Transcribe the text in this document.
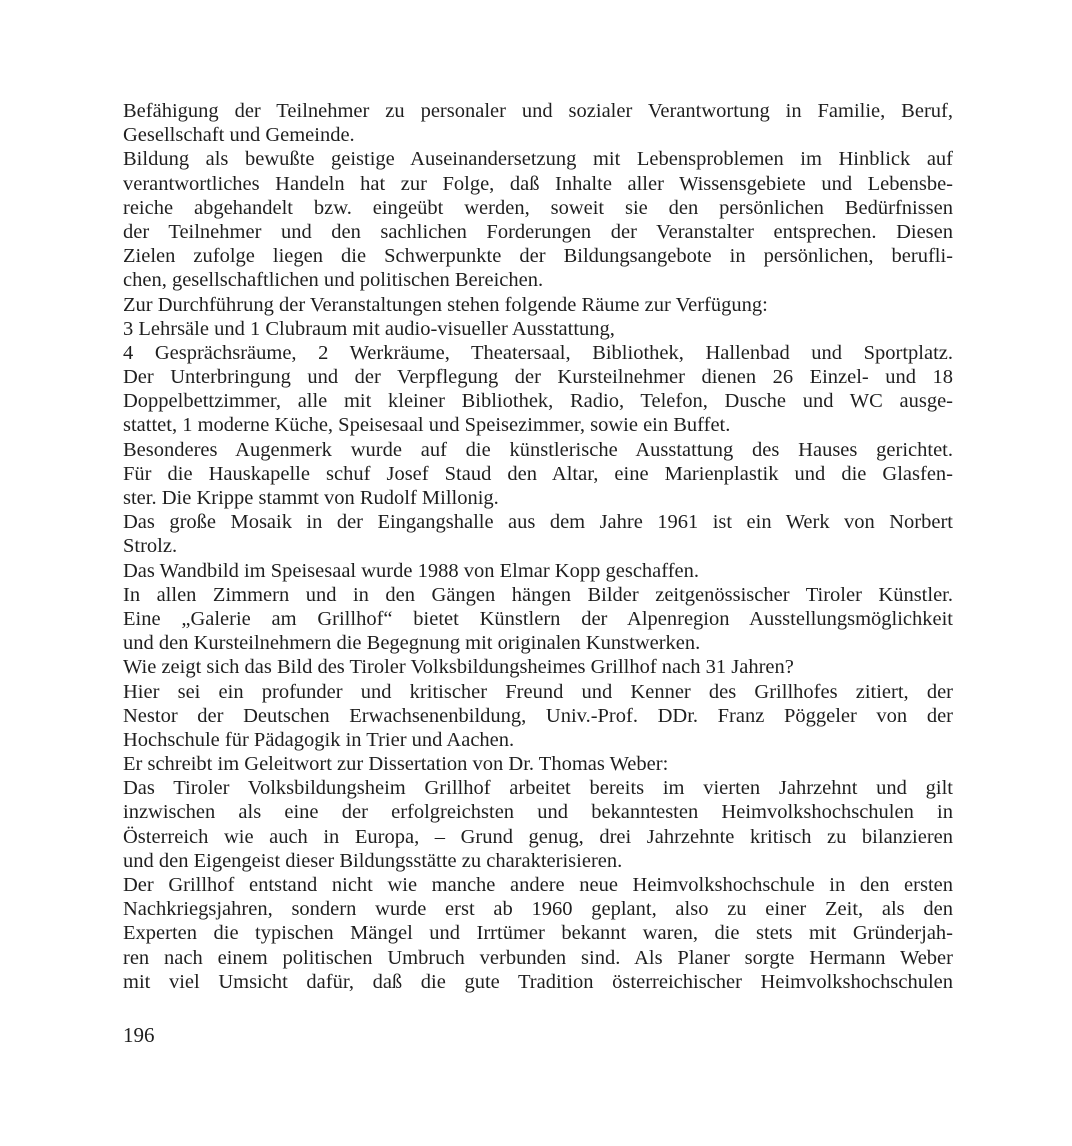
Befähigung der Teilnehmer zu personaler und sozialer Verantwortung in Familie, Beruf,
Gesellschaft und Gemeinde.
Bildung als bewußte geistige Auseinandersetzung mit Lebensproblemen im Hinblick auf
verantwortliches Handeln hat zur Folge, daß Inhalte aller Wissensgebiete und Lebensbe-
reiche abgehandelt bzw. eingeübt werden, soweit sie den persönlichen Bedürfnissen
der Teilnehmer und den sachlichen Forderungen der Veranstalter entsprechen. Diesen
Zielen zufolge liegen die Schwerpunkte der Bildungsangebote in persönlichen, berufli-
chen, gesellschaftlichen und politischen Bereichen.
Zur Durchführung der Veranstaltungen stehen folgende Räume zur Verfügung:
3 Lehrsäle und 1 Clubraum mit audio-visueller Ausstattung,
4 Gesprächsräume, 2 Werkräume, Theatersaal, Bibliothek, Hallenbad und Sportplatz.
Der Unterbringung und der Verpflegung der Kursteilnehmer dienen 26 Einzel- und 18
Doppelbettzimmer, alle mit kleiner Bibliothek, Radio, Telefon, Dusche und WC ausge-
stattet, 1 moderne Küche, Speisesaal und Speisezimmer, sowie ein Buffet.
Besonderes Augenmerk wurde auf die künstlerische Ausstattung des Hauses gerichtet.
Für die Hauskapelle schuf Josef Staud den Altar, eine Marienplastik und die Glasfen-
ster. Die Krippe stammt von Rudolf Millonig.
Das große Mosaik in der Eingangshalle aus dem Jahre 1961 ist ein Werk von Norbert
Strolz.
Das Wandbild im Speisesaal wurde 1988 von Elmar Kopp geschaffen.
In allen Zimmern und in den Gängen hängen Bilder zeitgenössischer Tiroler Künstler.
Eine „Galerie am Grillhof“ bietet Künstlern der Alpenregion Ausstellungsmöglichkeit
und den Kursteilnehmern die Begegnung mit originalen Kunstwerken.
Wie zeigt sich das Bild des Tiroler Volksbildungsheimes Grillhof nach 31 Jahren?
Hier sei ein profunder und kritischer Freund und Kenner des Grillhofes zitiert, der
Nestor der Deutschen Erwachsenenbildung, Univ.-Prof. DDr. Franz Pöggeler von der
Hochschule für Pädagogik in Trier und Aachen.
Er schreibt im Geleitwort zur Dissertation von Dr. Thomas Weber:
Das Tiroler Volksbildungsheim Grillhof arbeitet bereits im vierten Jahrzehnt und gilt
inzwischen als eine der erfolgreichsten und bekanntesten Heimvolkshochschulen in
Österreich wie auch in Europa, – Grund genug, drei Jahrzehnte kritisch zu bilanzieren
und den Eigengeist dieser Bildungsstätte zu charakterisieren.
Der Grillhof entstand nicht wie manche andere neue Heimvolkshochschule in den ersten
Nachkriegsjahren, sondern wurde erst ab 1960 geplant, also zu einer Zeit, als den
Experten die typischen Mängel und Irrtümer bekannt waren, die stets mit Gründerjah-
ren nach einem politischen Umbruch verbunden sind. Als Planer sorgte Hermann Weber
mit viel Umsicht dafür, daß die gute Tradition österreichischer Heimvolkshochschulen
196
